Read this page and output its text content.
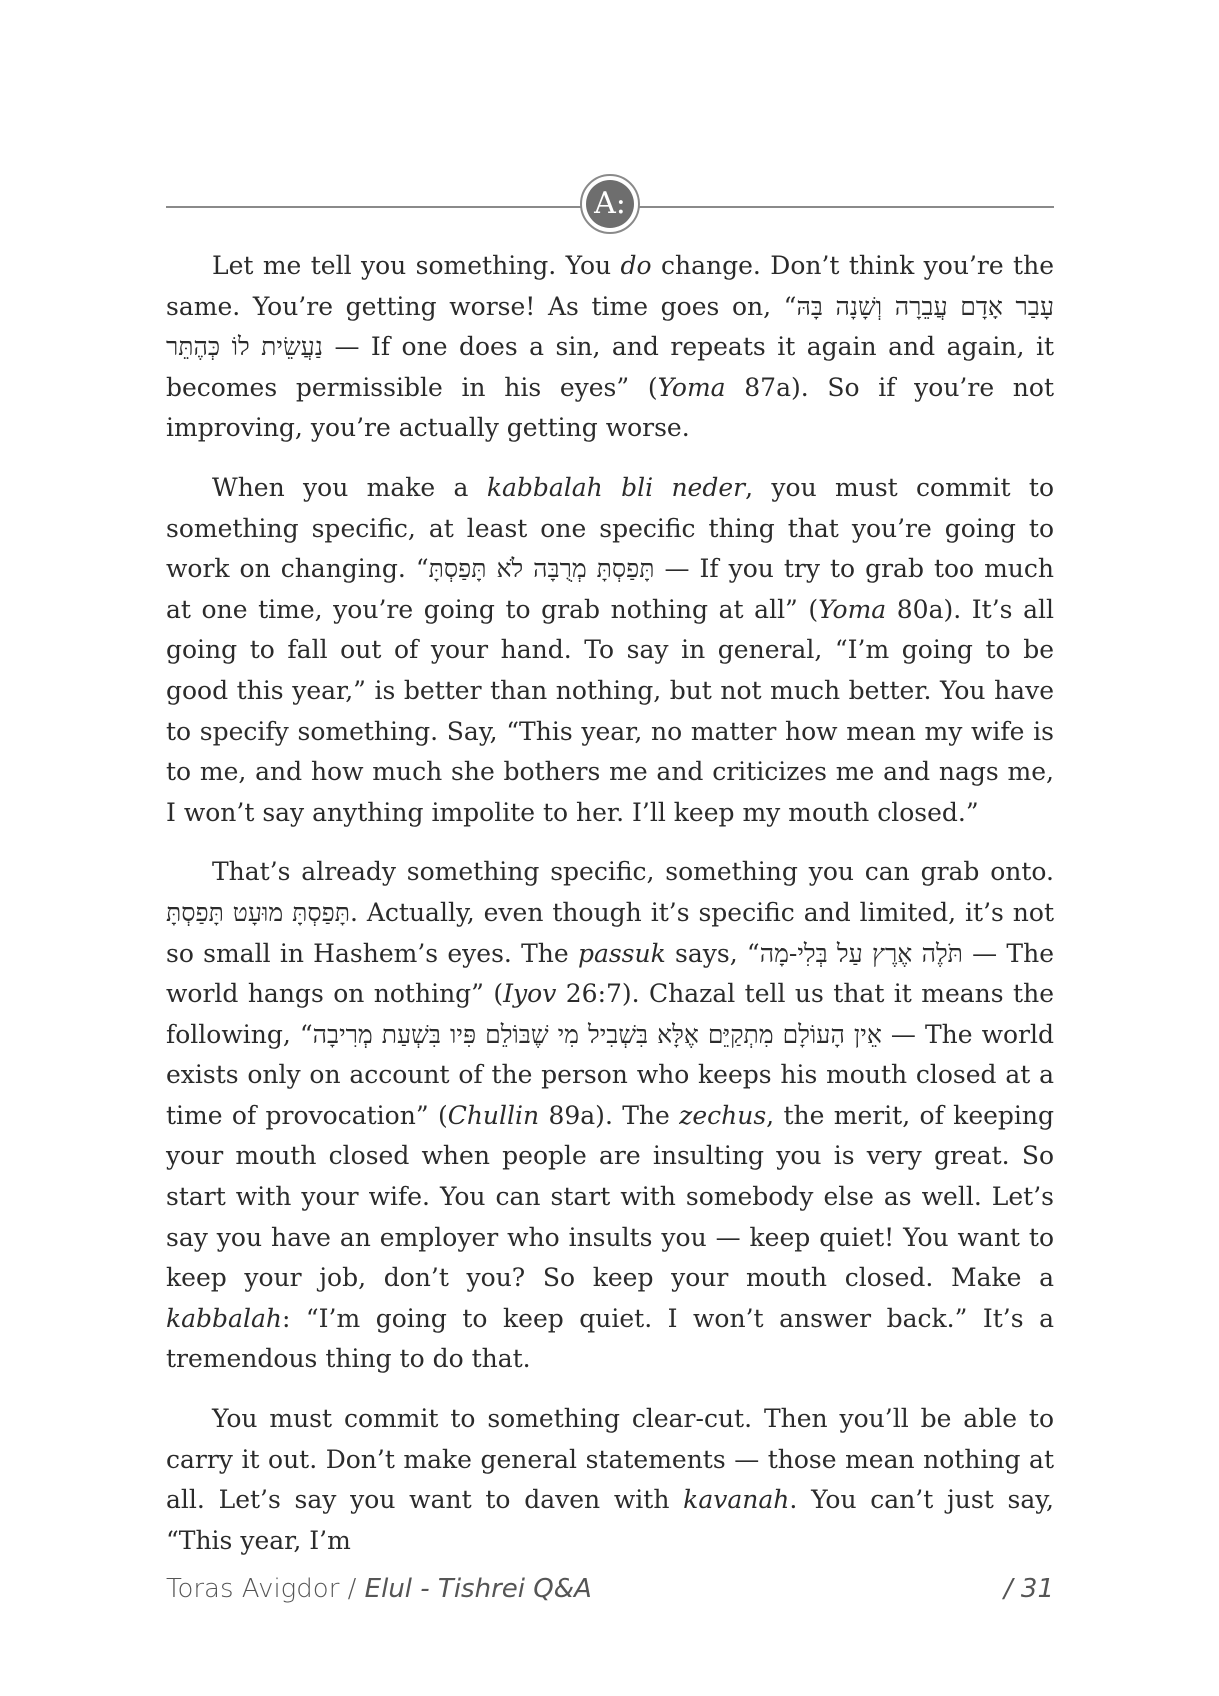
A:

Let me tell you something. You do change. Don’t think you’re the same. You’re getting worse! As time goes on, “עָבַר אָדָם עֲבֵרָה וְשָׁנָה בָּהּ נַעֲשֵׂית לוֹ כְּהֶתֵּר — If one does a sin, and repeats it again and again, it becomes permissible in his eyes” (Yoma 87a). So if you’re not improving, you’re actually getting worse.

When you make a kabbalah bli neder, you must commit to something specific, at least one specific thing that you’re going to work on changing. “תָּפַסְתָּ מְרֻבָּה לֹא תָּפַסְתָּ — If you try to grab too much at one time, you’re going to grab nothing at all” (Yoma 80a). It’s all going to fall out of your hand. To say in general, “I’m going to be good this year,” is better than nothing, but not much better. You have to specify something. Say, “This year, no matter how mean my wife is to me, and how much she bothers me and criticizes me and nags me, I won’t say anything impolite to her. I’ll keep my mouth closed.”

That’s already something specific, something you can grab onto. תָּפַסְתָּ מוּעָט תָּפַסְתָּ. Actually, even though it’s specific and limited, it’s not so small in Hashem’s eyes. The passuk says, “תֹּלֶה אֶרֶץ עַל בְּלִי-מָה — The world hangs on nothing” (Iyov 26:7). Chazal tell us that it means the following, “אֵין הָעוֹלָם מִתְקַיֵּם אֶלָּא בִּשְׁבִיל מִי שֶׁבּוֹלֵם פִּיו בִּשְׁעַת מְרִיבָה — The world exists only on account of the person who keeps his mouth closed at a time of provocation” (Chullin 89a). The zechus, the merit, of keeping your mouth closed when people are insulting you is very great. So start with your wife. You can start with somebody else as well. Let’s say you have an employer who insults you — keep quiet! You want to keep your job, don’t you? So keep your mouth closed. Make a kabbalah: “I’m going to keep quiet. I won’t answer back.” It’s a tremendous thing to do that.

You must commit to something clear-cut. Then you’ll be able to carry it out. Don’t make general statements — those mean nothing at all. Let’s say you want to daven with kavanah. You can’t just say, “This year, I’m

Toras Avigdor / Elul - Tishrei Q&A	/ 31
